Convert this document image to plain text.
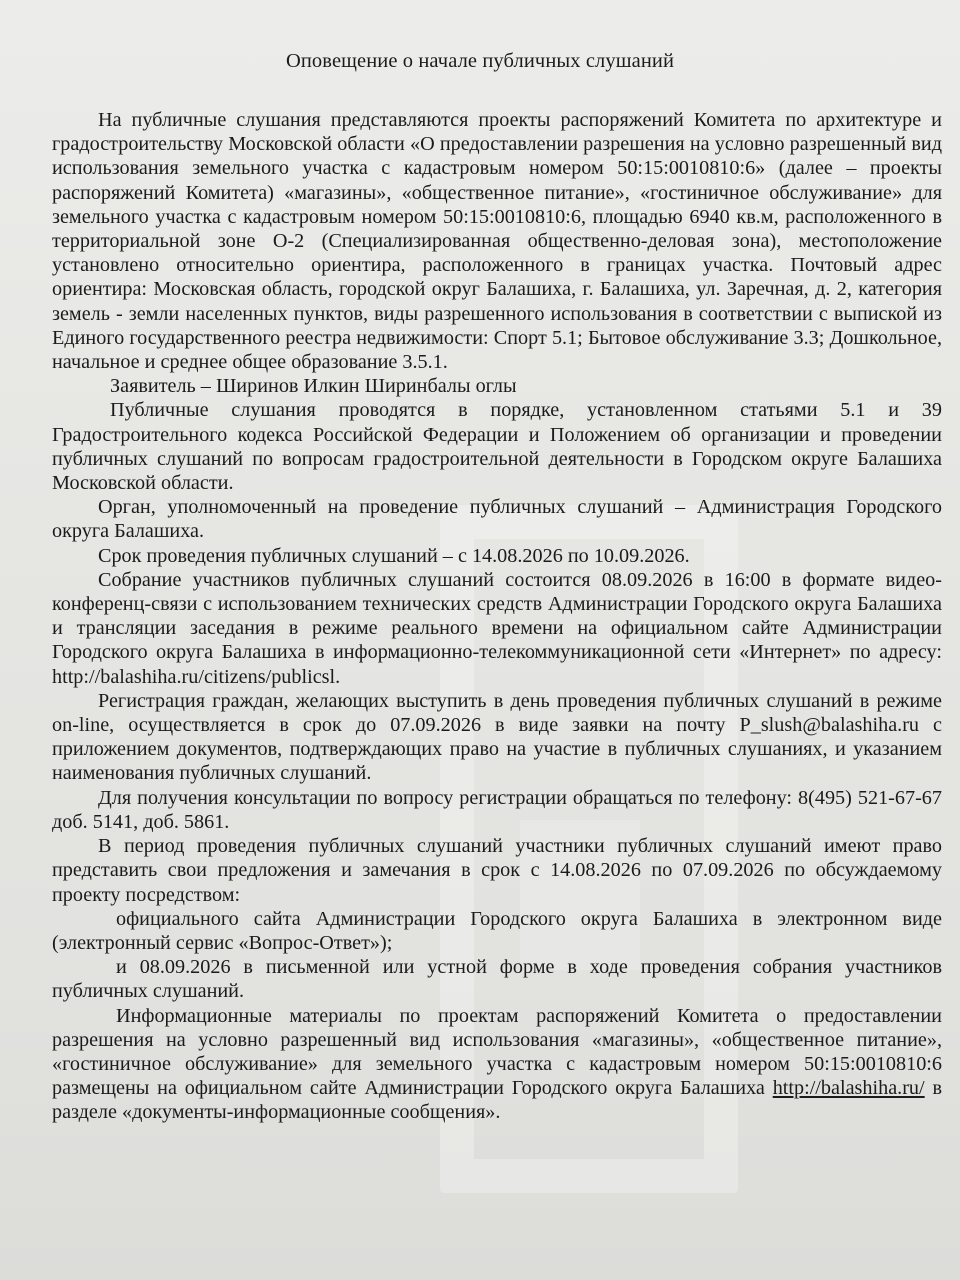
Оповещение о начале публичных слушаний

На публичные слушания представляются проекты распоряжений Комитета по архитектуре и градостроительству Московской области «О предоставлении разрешения на условно разрешенный вид использования земельного участка с кадастровым номером 50:15:0010810:6» (далее – проекты распоряжений Комитета) «магазины», «общественное питание», «гостиничное обслуживание» для земельного участка с кадастровым номером 50:15:0010810:6, площадью 6940 кв.м, расположенного в территориальной зоне О-2 (Специализированная общественно-деловая зона), местоположение установлено относительно ориентира, расположенного в границах участка. Почтовый адрес ориентира: Московская область, городской округ Балашиха, г. Балашиха, ул. Заречная, д. 2, категория земель - земли населенных пунктов, виды разрешенного использования в соответствии с выпиской из Единого государственного реестра недвижимости: Спорт 5.1; Бытовое обслуживание 3.3; Дошкольное, начальное и среднее общее образование 3.5.1.

Заявитель – Ширинов Илкин Ширинбалы оглы

Публичные слушания проводятся в порядке, установленном статьями 5.1 и 39 Градостроительного кодекса Российской Федерации и Положением об организации и проведении публичных слушаний по вопросам градостроительной деятельности в Городском округе Балашиха Московской области.

Орган, уполномоченный на проведение публичных слушаний – Администрация Городского округа Балашиха.

Срок проведения публичных слушаний – с 14.08.2026 по 10.09.2026.

Собрание участников публичных слушаний состоится 08.09.2026 в 16:00 в формате видео-конференц-связи с использованием технических средств Администрации Городского округа Балашиха и трансляции заседания в режиме реального времени на официальном сайте Администрации Городского округа Балашиха в информационно-телекоммуникационной сети «Интернет» по адресу: http://balashiha.ru/citizens/publicsl.

Регистрация граждан, желающих выступить в день проведения публичных слушаний в режиме on-line, осуществляется в срок до 07.09.2026 в виде заявки на почту P_slush@balashiha.ru с приложением документов, подтверждающих право на участие в публичных слушаниях, и указанием наименования публичных слушаний.

Для получения консультации по вопросу регистрации обращаться по телефону: 8(495) 521-67-67 доб. 5141, доб. 5861.

В период проведения публичных слушаний участники публичных слушаний имеют право представить свои предложения и замечания в срок с 14.08.2026 по 07.09.2026 по обсуждаемому проекту посредством:

официального сайта Администрации Городского округа Балашиха в электронном виде (электронный сервис «Вопрос-Ответ»);

и 08.09.2026 в письменной или устной форме в ходе проведения собрания участников публичных слушаний.

Информационные материалы по проектам распоряжений Комитета о предоставлении разрешения на условно разрешенный вид использования «магазины», «общественное питание», «гостиничное обслуживание» для земельного участка с кадастровым номером 50:15:0010810:6 размещены на официальном сайте Администрации Городского округа Балашиха http://balashiha.ru/ в разделе «документы-информационные сообщения».
